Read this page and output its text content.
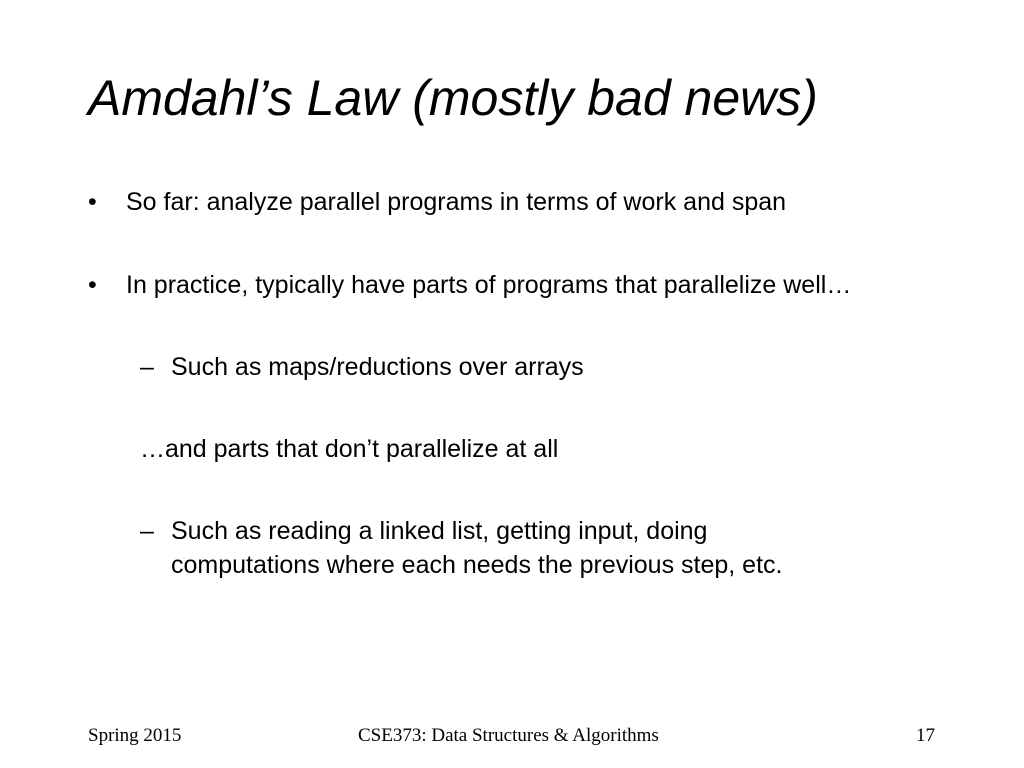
Amdahl’s Law (mostly bad news)
• So far: analyze parallel programs in terms of work and span
• In practice, typically have parts of programs that parallelize well…
– Such as maps/reductions over arrays
…and parts that don’t parallelize at all
– Such as reading a linked list, getting input, doing
computations where each needs the previous step, etc.
Spring 2015	CSE373: Data Structures & Algorithms	17
